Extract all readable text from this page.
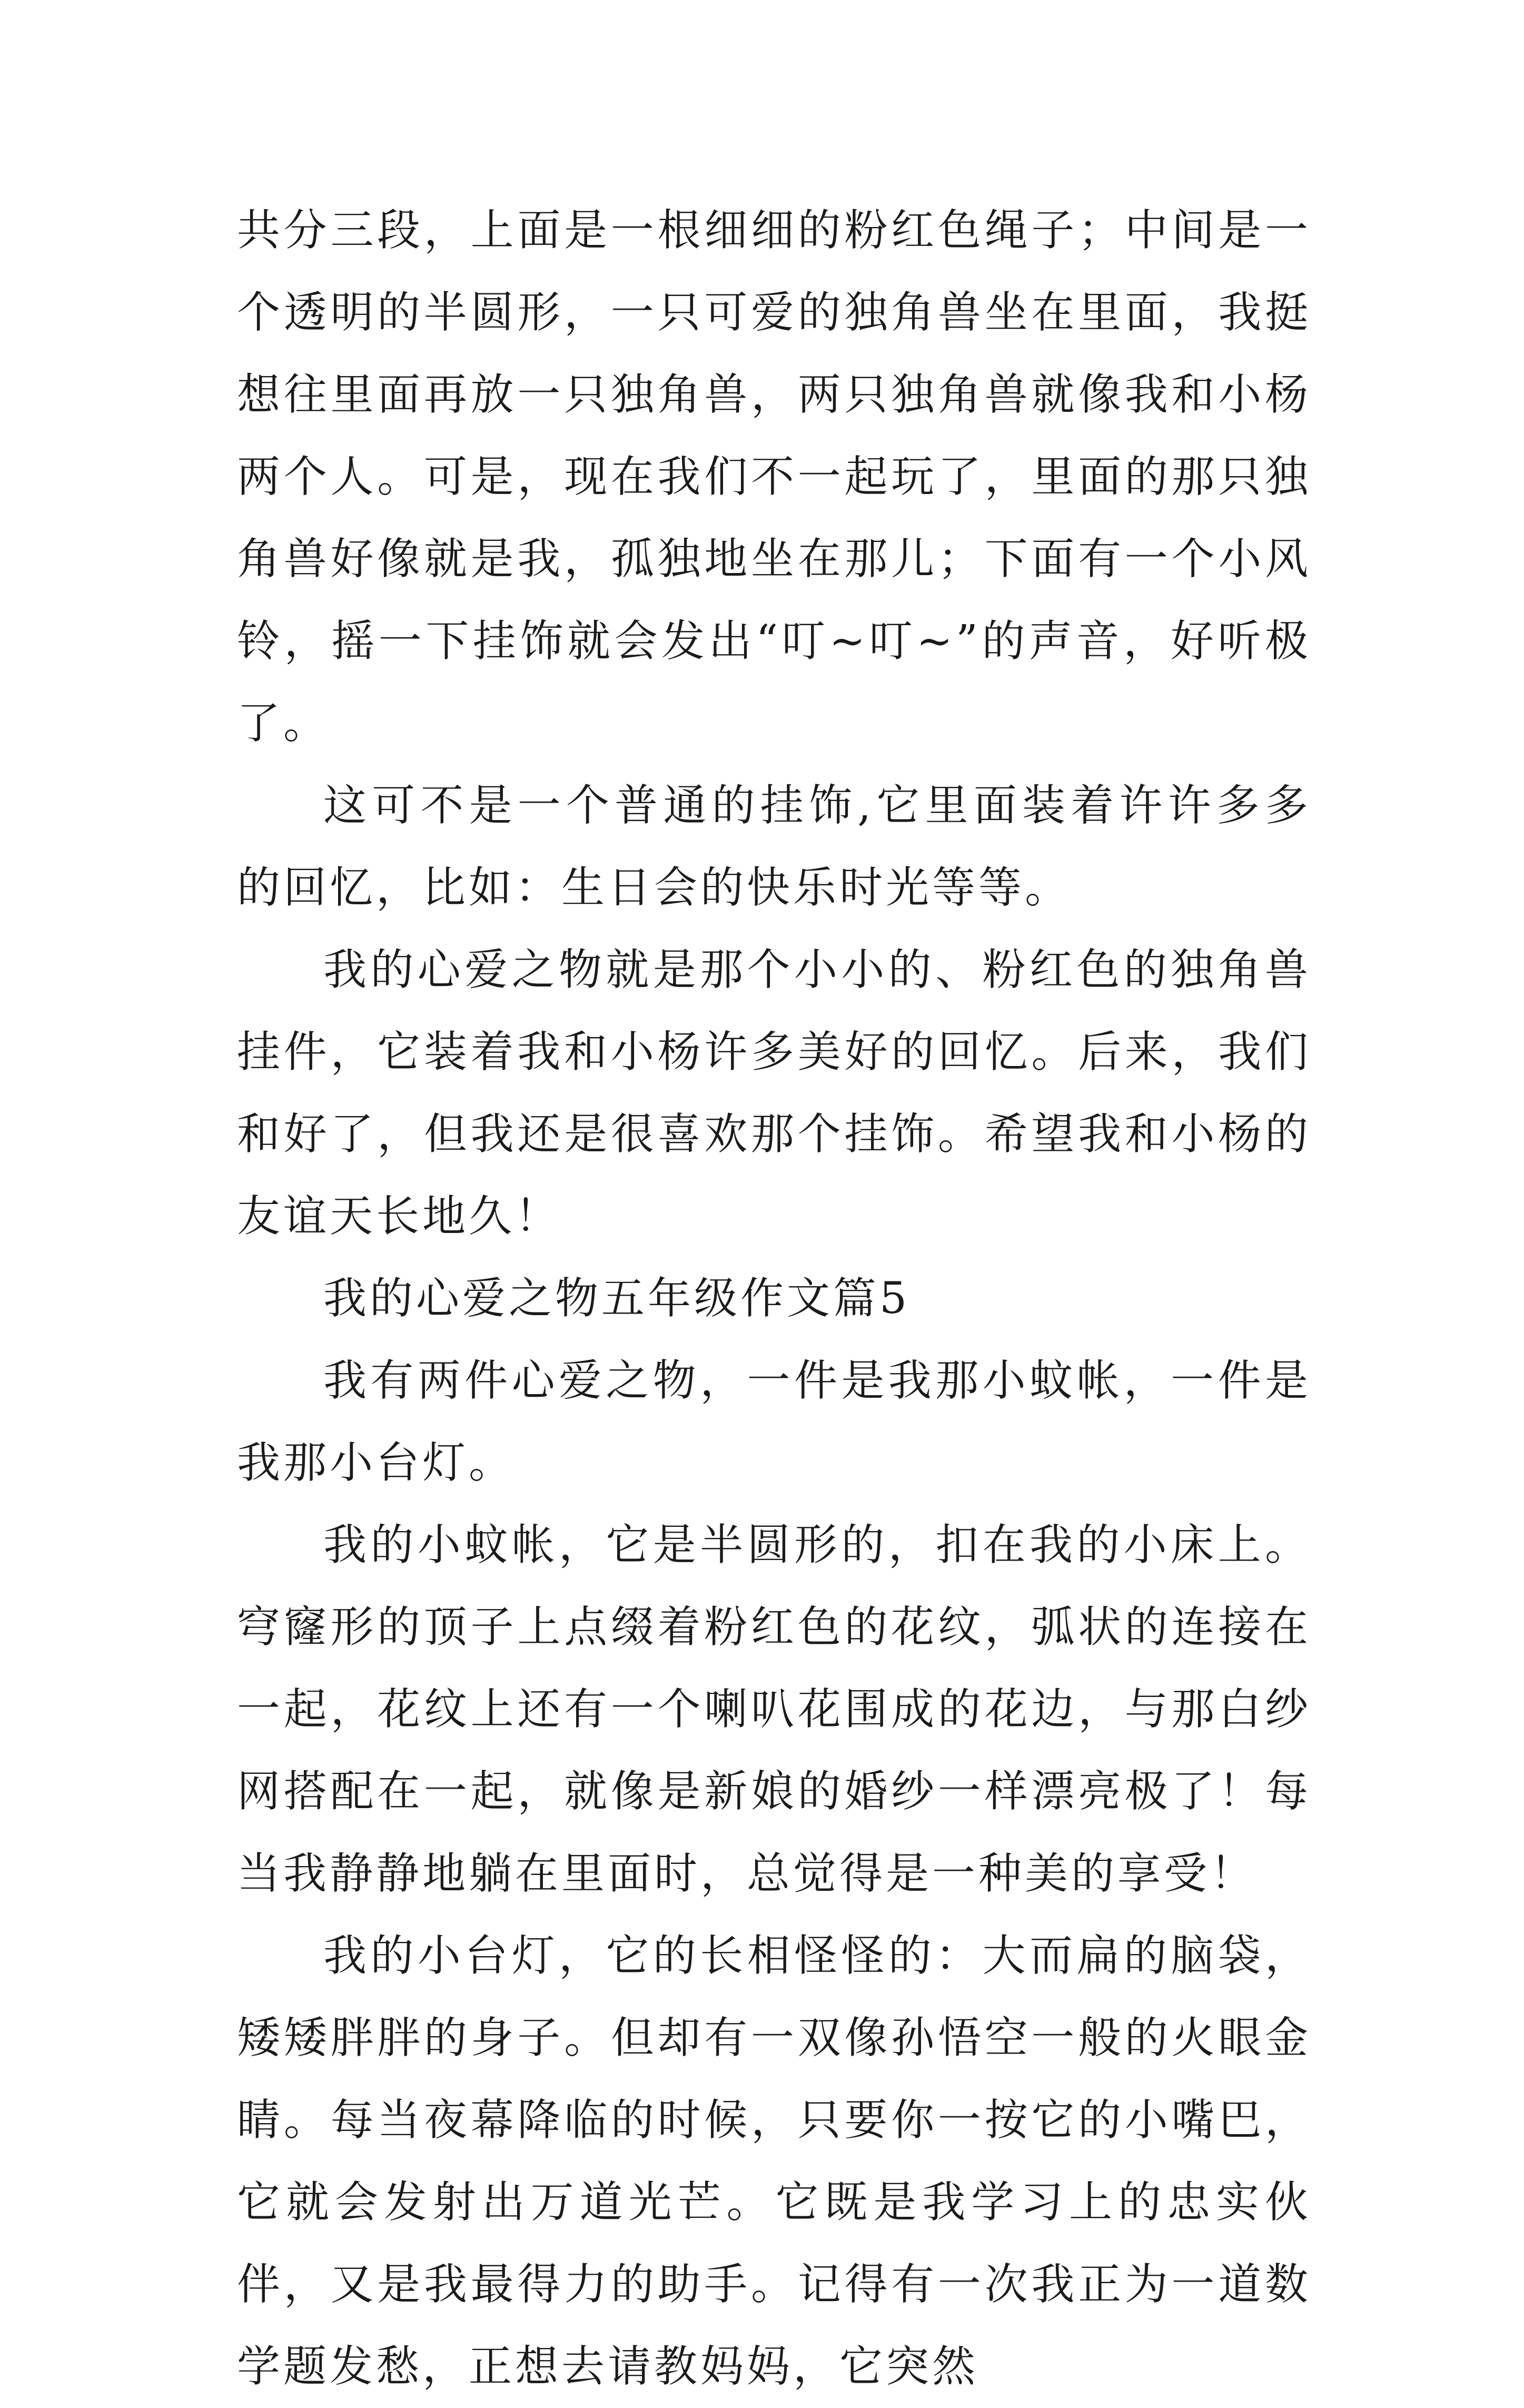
共分三段，上面是一根细细的粉红色绳子；中间是一个透明的半圆形，一只可爱的独角兽坐在里面，我挺想往里面再放一只独角兽，两只独角兽就像我和小杨两个人。可是，现在我们不一起玩了，里面的那只独角兽好像就是我，孤独地坐在那儿；下面有一个小风铃，摇一下挂饰就会发出“叮~叮~”的声音，好听极了。

这可不是一个普通的挂饰,它里面装着许许多多的回忆，比如：生日会的快乐时光等等。

我的心爱之物就是那个小小的、粉红色的独角兽挂件，它装着我和小杨许多美好的回忆。后来，我们和好了，但我还是很喜欢那个挂饰。希望我和小杨的友谊天长地久！

我的心爱之物五年级作文篇5

我有两件心爱之物，一件是我那小蚊帐，一件是我那小台灯。

我的小蚊帐，它是半圆形的，扣在我的小床上。穹窿形的顶子上点缀着粉红色的花纹，弧状的连接在一起，花纹上还有一个喇叭花围成的花边，与那白纱网搭配在一起，就像是新娘的婚纱一样漂亮极了！每当我静静地躺在里面时，总觉得是一种美的享受！

我的小台灯，它的长相怪怪的：大而扁的脑袋，矮矮胖胖的身子。但却有一双像孙悟空一般的火眼金睛。每当夜幕降临的时候，只要你一按它的小嘴巴，它就会发射出万道光芒。它既是我学习上的忠实伙伴，又是我最得力的助手。记得有一次我正为一道数学题发愁，正想去请教妈妈，它突然
